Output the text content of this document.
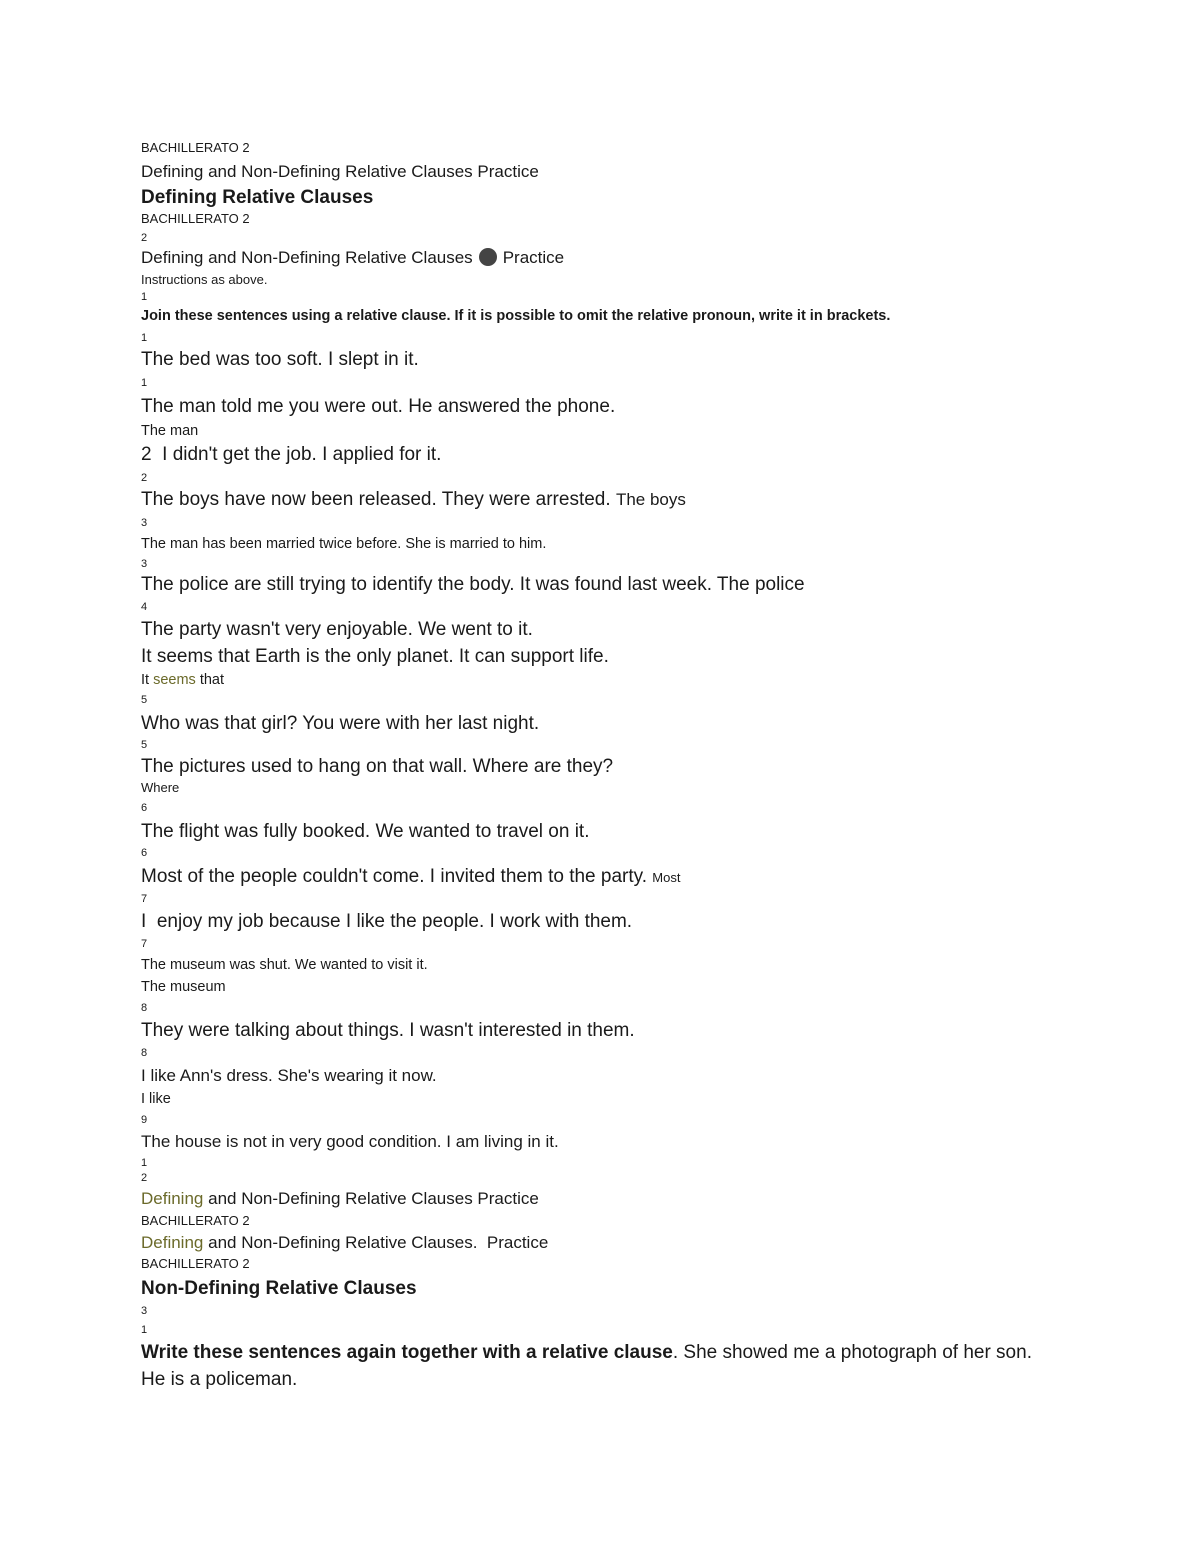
BACHILLERATO 2
Defining and Non-Defining Relative Clauses Practice
Defining Relative Clauses
BACHILLERATO 2
2
Defining and Non-Defining Relative Clauses Practice
Instructions as above.
1
Join these sentences using a relative clause. If it is possible to omit the relative pronoun, write it in brackets.
1
The bed was too soft. I slept in it.
1
The man told me you were out. He answered the phone.
The man
2 I didn't get the job. I applied for it.
2
The boys have now been released. They were arrested. The boys
3
The man has been married twice before. She is married to him.
3
The police are still trying to identify the body. It was found last week. The police
4
The party wasn't very enjoyable. We went to it.
It seems that Earth is the only planet. It can support life.
It seems that
5
Who was that girl? You were with her last night.
5
The pictures used to hang on that wall. Where are they?
Where
6
The flight was fully booked. We wanted to travel on it.
6
Most of the people couldn't come. I invited them to the party. Most
7
I enjoy my job because I like the people. I work with them.
7
The museum was shut. We wanted to visit it.
The museum
8
They were talking about things. I wasn't interested in them.
8
I like Ann's dress. She's wearing it now.
I like
9
The house is not in very good condition. I am living in it.
1
2
Defining and Non-Defining Relative Clauses Practice
BACHILLERATO 2
Defining and Non-Defining Relative Clauses. Practice
BACHILLERATO 2
Non-Defining Relative Clauses
3
1
Write these sentences again together with a relative clause. She showed me a photograph of her son. He is a policeman.
